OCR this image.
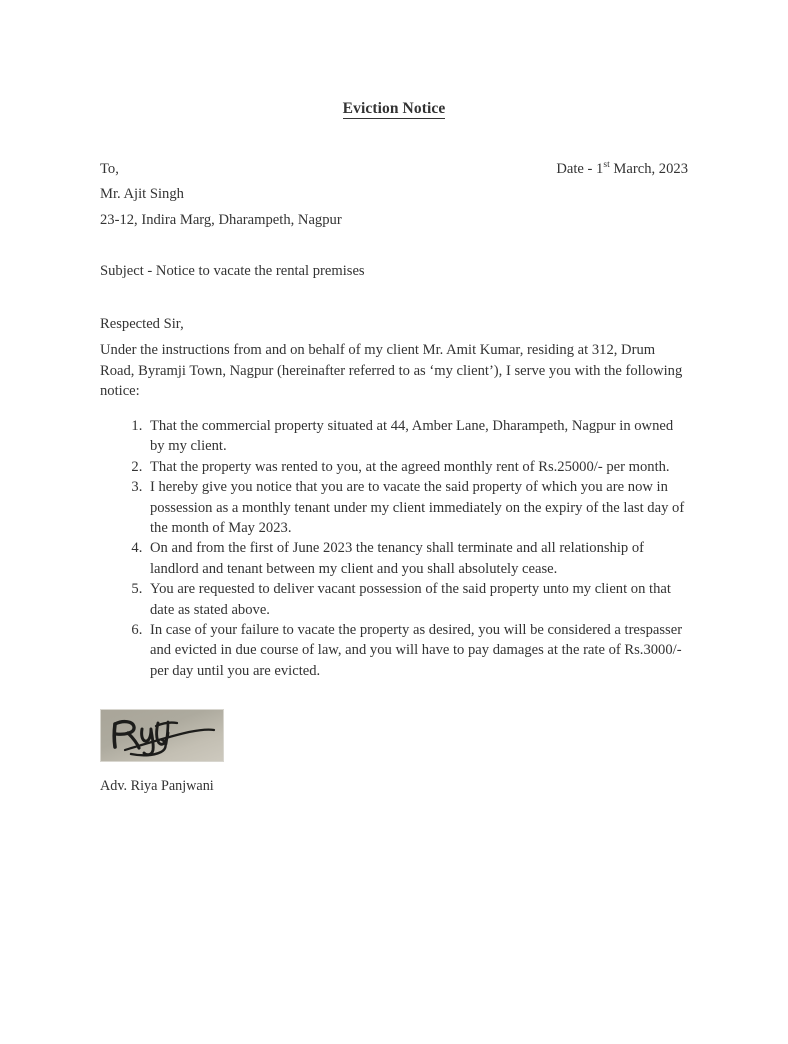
Eviction Notice
To,	Date - 1st March, 2023
Mr. Ajit Singh
23-12, Indira Marg, Dharampeth, Nagpur
Subject - Notice to vacate the rental premises
Respected Sir,

Under the instructions from and on behalf of my client Mr. Amit Kumar, residing at 312, Drum Road, Byramji Town, Nagpur (hereinafter referred to as ‘my client’), I serve you with the following notice:

1. That the commercial property situated at 44, Amber Lane, Dharampeth, Nagpur in owned by my client.
2. That the property was rented to you, at the agreed monthly rent of Rs.25000/- per month.
3. I hereby give you notice that you are to vacate the said property of which you are now in possession as a monthly tenant under my client immediately on the expiry of the last day of the month of May 2023.
4. On and from the first of June 2023 the tenancy shall terminate and all relationship of landlord and tenant between my client and you shall absolutely cease.
5. You are requested to deliver vacant possession of the said property unto my client on that date as stated above.
6. In case of your failure to vacate the property as desired, you will be considered a trespasser and evicted in due course of law, and you will have to pay damages at the rate of Rs.3000/- per day until you are evicted.
Adv. Riya Panjwani
